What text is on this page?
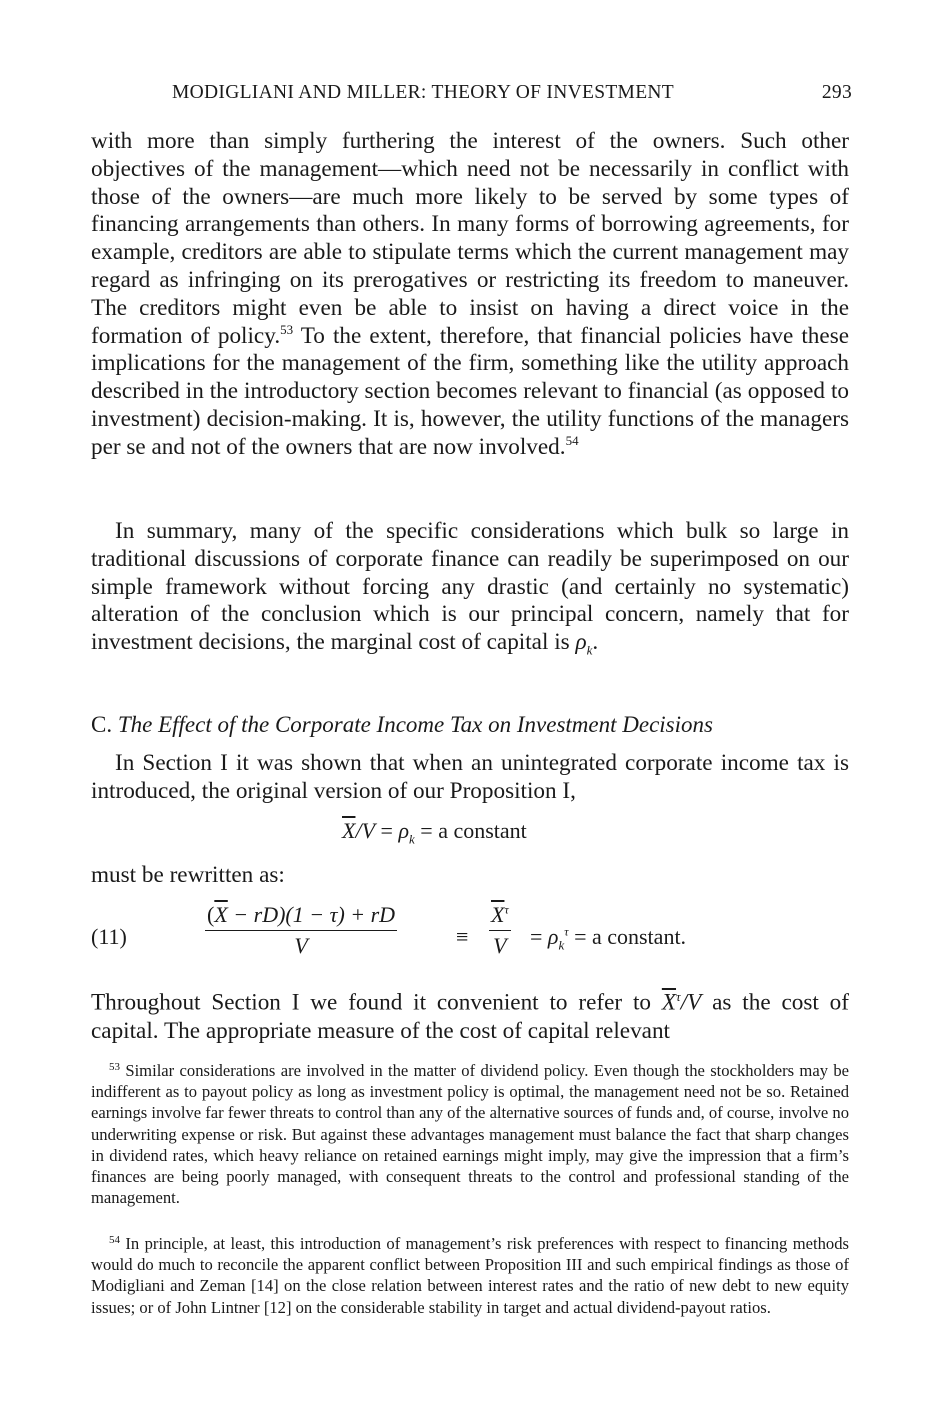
MODIGLIANI AND MILLER: THEORY OF INVESTMENT	293

with more than simply furthering the interest of the owners. Such other objectives of the management—which need not be necessarily in conflict with those of the owners—are much more likely to be served by some types of financing arrangements than others. In many forms of borrowing agreements, for example, creditors are able to stipulate terms which the current management may regard as infringing on its prerogatives or restricting its freedom to maneuver. The creditors might even be able to insist on having a direct voice in the formation of policy.$^{53}$ To the extent, therefore, that financial policies have these implications for the management of the firm, something like the utility approach described in the introductory section becomes relevant to financial (as opposed to investment) decision-making. It is, however, the utility functions of the managers per se and not of the owners that are now involved.$^{54}$

In summary, many of the specific considerations which bulk so large in traditional discussions of corporate finance can readily be superimposed on our simple framework without forcing any drastic (and certainly no systematic) alteration of the conclusion which is our principal concern, namely that for investment decisions, the marginal cost of capital is $\rho_k$.

C. The Effect of the Corporate Income Tax on Investment Decisions

In Section I it was shown that when an unintegrated corporate income tax is introduced, the original version of our Proposition I,

$\overline{X}/V = \rho_k = a$ constant

must be rewritten as:

(11)	$\frac{(\overline{X} - rD)(1 - \tau) + rD}{V}$	≡ $\frac{\overline{X}^\tau}{V} = \rho_k^\tau = a$ constant.

Throughout Section I we found it convenient to refer to $\overline{X}^\tau/V$ as the cost of capital. The appropriate measure of the cost of capital relevant

$^{53}$ Similar considerations are involved in the matter of dividend policy. Even though the stockholders may be indifferent as to payout policy as long as investment policy is optimal, the management need not be so. Retained earnings involve far fewer threats to control than any of the alternative sources of funds and, of course, involve no underwriting expense or risk. But against these advantages management must balance the fact that sharp changes in dividend rates, which heavy reliance on retained earnings might imply, may give the impression that a firm’s finances are being poorly managed, with consequent threats to the control and professional standing of the management.

$^{54}$ In principle, at least, this introduction of management’s risk preferences with respect to financing methods would do much to reconcile the apparent conflict between Proposition III and such empirical findings as those of Modigliani and Zeman [14] on the close relation between interest rates and the ratio of new debt to new equity issues; or of John Lintner [12] on the considerable stability in target and actual dividend-payout ratios.
